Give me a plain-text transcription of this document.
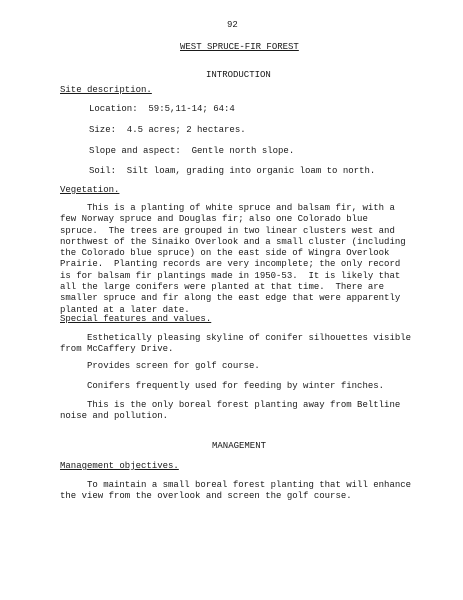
92
WEST SPRUCE-FIR FOREST
INTRODUCTION
Site description.
Location:  59:5,11-14; 64:4
Size:  4.5 acres; 2 hectares.
Slope and aspect:  Gentle north slope.
Soil:  Silt loam, grading into organic loam to north.
Vegetation.
This is a planting of white spruce and balsam fir, with a
few Norway spruce and Douglas fir; also one Colorado blue
spruce.  The trees are grouped in two linear clusters west and
northwest of the Sinaiko Overlook and a small cluster (including
the Colorado blue spruce) on the east side of Wingra Overlook
Prairie.  Planting records are very incomplete; the only record
is for balsam fir plantings made in 1950-53.  It is likely that
all the large conifers were planted at that time.  There are
smaller spruce and fir along the east edge that were apparently
planted at a later date.
Special features and values.
Esthetically pleasing skyline of conifer silhouettes visible
from McCaffery Drive.
Provides screen for golf course.
Conifers frequently used for feeding by winter finches.
This is the only boreal forest planting away from Beltline
noise and pollution.
MANAGEMENT
Management objectives.
To maintain a small boreal forest planting that will enhance
the view from the overlook and screen the golf course.
